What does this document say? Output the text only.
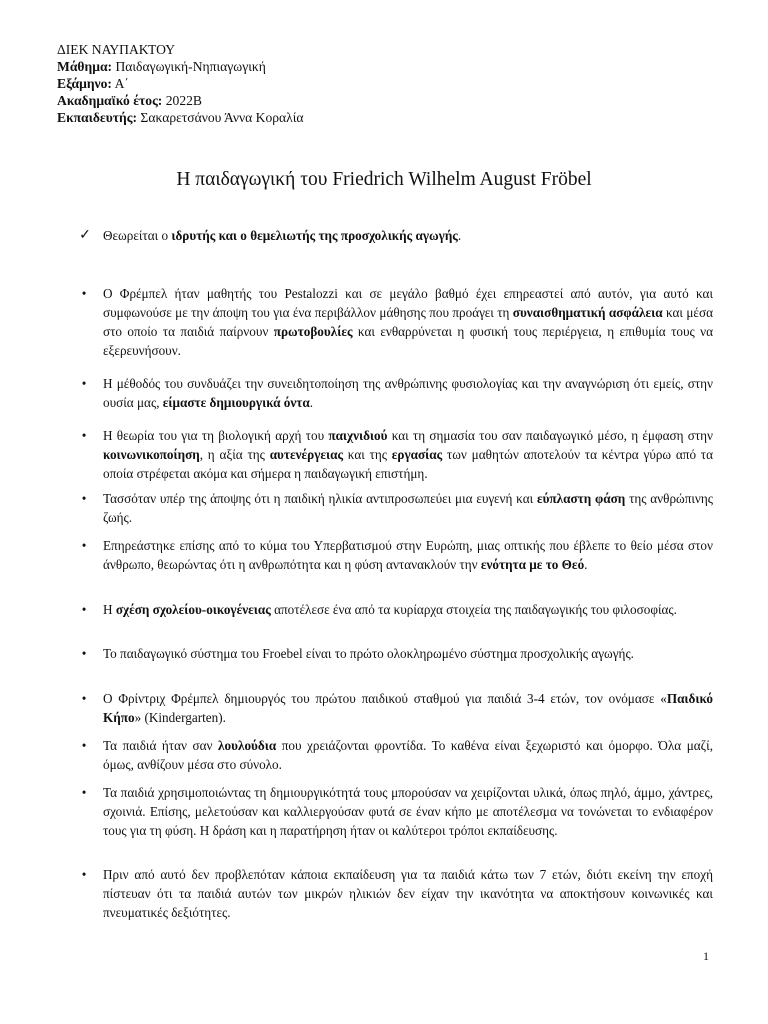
ΔΙΕΚ ΝΑΥΠΑΚΤΟΥ
Μάθημα: Παιδαγωγική-Νηπιαγωγική
Εξάμηνο: Α΄
Ακαδημαϊκό έτος: 2022Β
Εκπαιδευτής: Σακαρετσάνου Άννα Κοραλία
Η παιδαγωγική του Friedrich Wilhelm August Fröbel
✓ Θεωρείται ο ιδρυτής και ο θεμελιωτής της προσχολικής αγωγής.
•	Ο Φρέμπελ ήταν μαθητής του Pestalozzi και σε μεγάλο βαθμό έχει επηρεαστεί από αυτόν, για αυτό και συμφωνούσε με την άποψη του για ένα περιβάλλον μάθησης που προάγει τη συναισθηματική ασφάλεια και μέσα στο οποίο τα παιδιά παίρνουν πρωτοβουλίες και ενθαρρύνεται η φυσική τους περιέργεια, η επιθυμία τους να εξερευνήσουν.
•	Η μέθοδός του συνδυάζει την συνειδητοποίηση της ανθρώπινης φυσιολογίας και την αναγνώριση ότι εμείς, στην ουσία μας, είμαστε δημιουργικά όντα.
•	Η θεωρία του για τη βιολογική αρχή του παιχνιδιού και τη σημασία του σαν παιδαγωγικό μέσο, η έμφαση στην κοινωνικοποίηση, η αξία της αυτενέργειας και της εργασίας των μαθητών αποτελούν τα κέντρα γύρω από τα οποία στρέφεται ακόμα και σήμερα η παιδαγωγική επιστήμη.
•	Τασσόταν υπέρ της άποψης ότι η παιδική ηλικία αντιπροσωπεύει μια ευγενή και εύπλαστη φάση της ανθρώπινης ζωής.
•	Επηρεάστηκε επίσης από το κύμα του Υπερβατισμού στην Ευρώπη, μιας οπτικής που έβλεπε το θείο μέσα στον άνθρωπο, θεωρώντας ότι η ανθρωπότητα και η φύση αντανακλούν την ενότητα με το Θεό.
•	Η σχέση σχολείου-οικογένειας αποτέλεσε ένα από τα κυρίαρχα στοιχεία της παιδαγωγικής του φιλοσοφίας.
•	Το παιδαγωγικό σύστημα του Froebel είναι το πρώτο ολοκληρωμένο σύστημα προσχολικής αγωγής.
•	Ο Φρίντριχ Φρέμπελ δημιουργός του πρώτου παιδικού σταθμού για παιδιά 3-4 ετών, τον ονόμασε «Παιδικό Κήπο» (Kindergarten).
•	Τα παιδιά ήταν σαν λουλούδια που χρειάζονται φροντίδα. Το καθένα είναι ξεχωριστό και όμορφο. Όλα μαζί, όμως, ανθίζουν μέσα στο σύνολο.
•	Τα παιδιά χρησιμοποιώντας τη δημιουργικότητά τους μπορούσαν να χειρίζονται υλικά, όπως πηλό, άμμο, χάντρες, σχοινιά. Επίσης, μελετούσαν και καλλιεργούσαν φυτά σε έναν κήπο με αποτέλεσμα να τονώνεται το ενδιαφέρον τους για τη φύση. Η δράση και η παρατήρηση ήταν οι καλύτεροι τρόποι εκπαίδευσης.
•	Πριν από αυτό δεν προβλεπόταν κάποια εκπαίδευση για τα παιδιά κάτω των 7 ετών, διότι εκείνη την εποχή πίστευαν ότι τα παιδιά αυτών των μικρών ηλικιών δεν είχαν την ικανότητα να αποκτήσουν κοινωνικές και πνευματικές δεξιότητες.
1
